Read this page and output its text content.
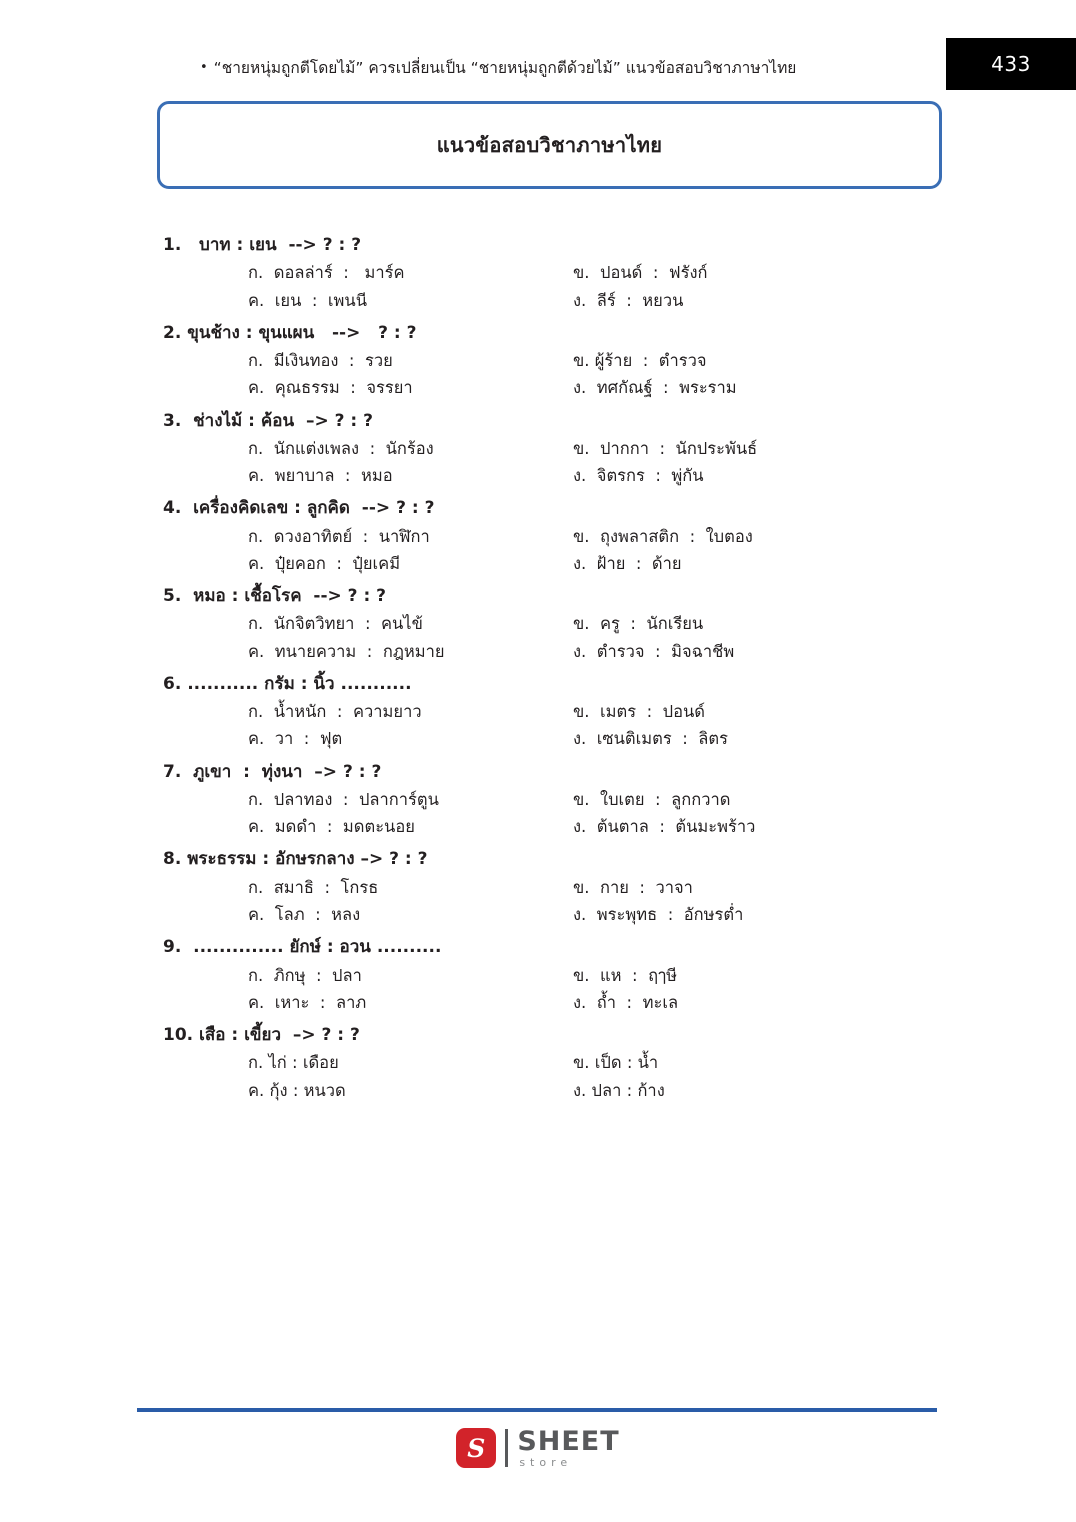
• “ชายหนุ่มถูกตีโดยไม้” ควรเปลี่ยนเป็น “ชายหนุ่มถูกตีด้วยไม้” แนวข้อสอบวิชาภาษาไทย	433
แนวข้อสอบวิชาภาษาไทย
1.   บาท : เยน  --> ? : ?
ก.  ดอลล่าร์  :   มาร์ค	ข.  ปอนด์  :  ฟรังก์
ค.  เยน  :  เพนนี	ง.  ลีร์  :  หยวน
2. ขุนช้าง : ขุนแผน   -->   ? : ?
ก.  มีเงินทอง  :  รวย	ข. ผู้ร้าย  :  ตำรวจ
ค.  คุณธรรม  :  จรรยา	ง.  ทศกัณฐ์  :  พระราม
3.  ช่างไม้ : ค้อน  –> ? : ?
ก.  นักแต่งเพลง  :  นักร้อง	ข.  ปากกา  :  นักประพันธ์
ค.  พยาบาล  :  หมอ	ง.  จิตรกร  :  พู่กัน
4.  เครื่องคิดเลข : ลูกคิด  --> ? : ?
ก.  ดวงอาทิตย์  :  นาฬิกา	ข.  ถุงพลาสติก  :  ใบตอง
ค.  ปุ๋ยคอก  :  ปุ๋ยเคมี	ง.  ฝ้าย  :  ด้าย
5.  หมอ : เชื้อโรค  --> ? : ?
ก.  นักจิตวิทยา  :  คนไข้	ข.  ครู  :  นักเรียน
ค.  ทนายความ  :  กฎหมาย	ง.  ตำรวจ  :  มิจฉาชีพ
6. ........... กรัม : นิ้ว ...........
ก.  น้ำหนัก  :  ความยาว	ข.  เมตร  :  ปอนด์
ค.  วา  :  ฟุต	ง.  เซนติเมตร  :  ลิตร
7.  ภูเขา  :  ทุ่งนา  –> ? : ?
ก.  ปลาทอง  :  ปลาการ์ตูน	ข.  ใบเตย  :  ลูกกวาด
ค.  มดดำ  :  มดตะนอย	ง.  ต้นตาล  :  ต้นมะพร้าว
8. พระธรรม : อักษรกลาง –> ? : ?
ก.  สมาธิ  :  โกรธ	ข.  กาย  :  วาจา
ค.  โลภ  :  หลง	ง.  พระพุทธ  :  อักษรต่ำ
9.  .............. ยักษ์ : อวน ..........
ก.  ภิกษุ  :  ปลา	ข.  แห  :  ฤๅษี
ค.  เหาะ  :  ลาภ	ง.  ถ้ำ  :  ทะเล
10. เสือ : เขี้ยว  –> ? : ?
ก. ไก่ : เดือย	ข. เป็ด : น้ำ
ค. กุ้ง : หนวด	ง. ปลา : ก้าง
S	SHEET
store
